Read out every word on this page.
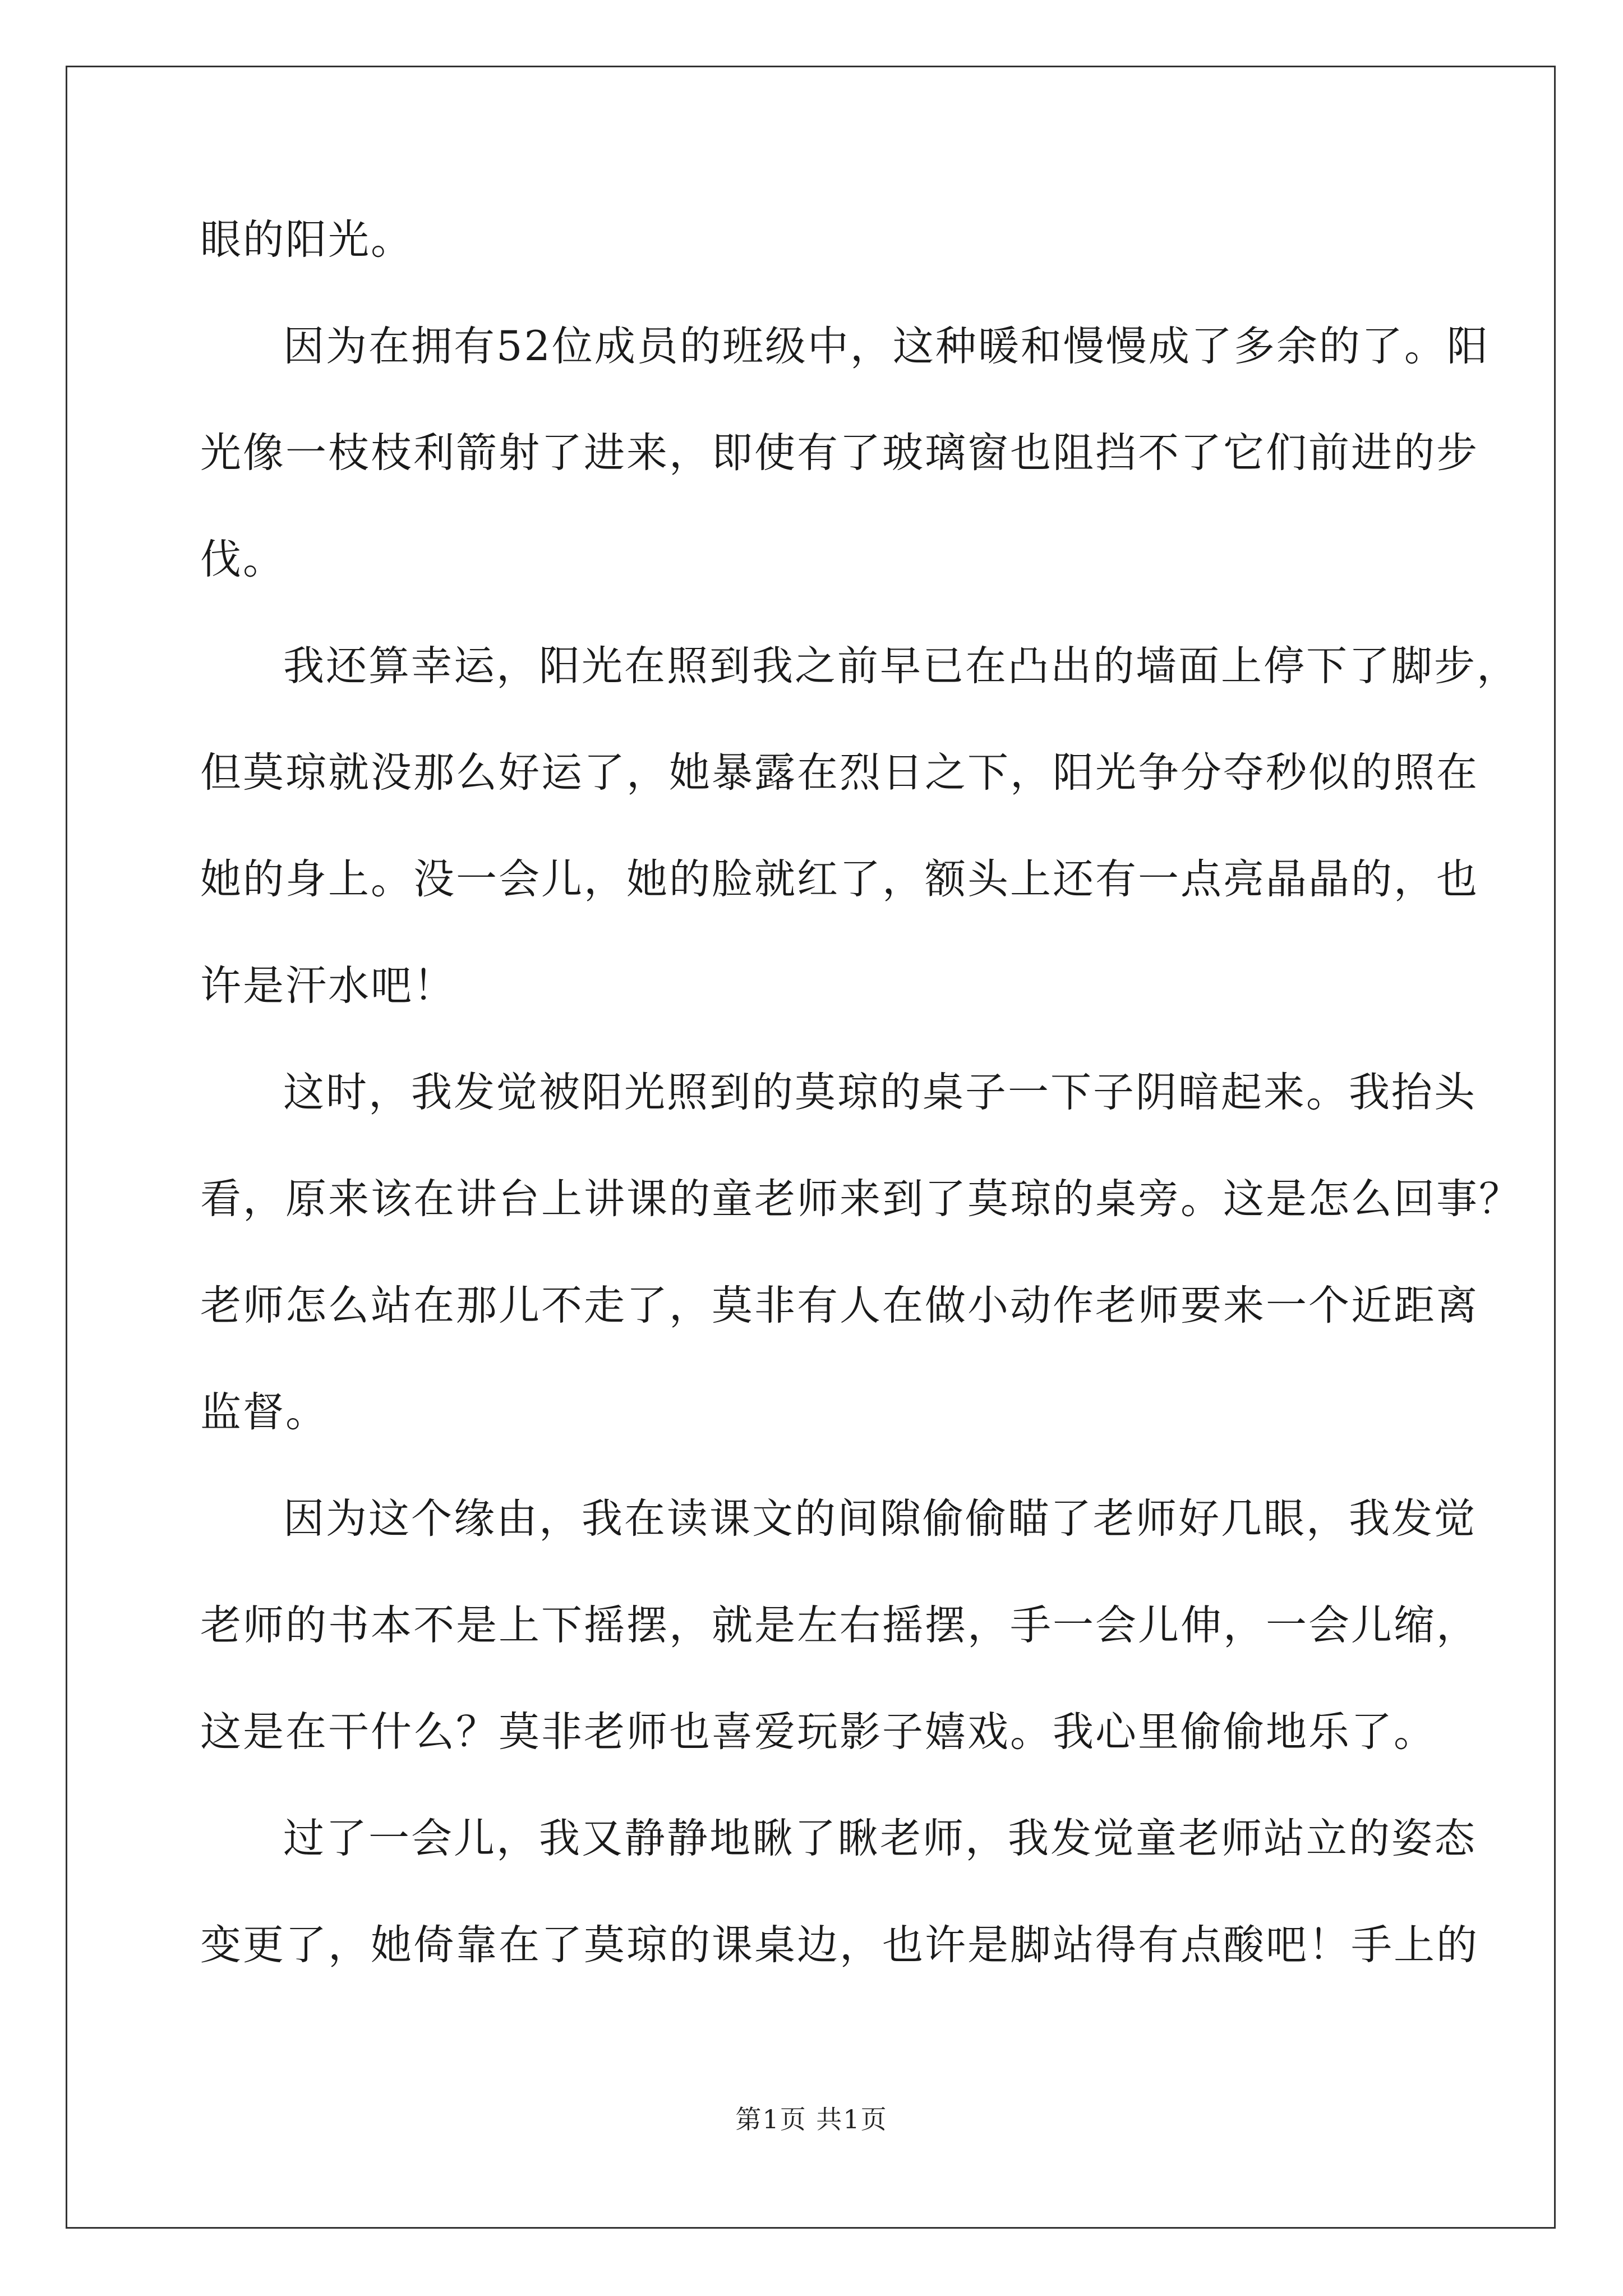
眼的阳光。
因为在拥有52位成员的班级中，这种暖和慢慢成了多余的了。阳
光像一枝枝利箭射了进来，即使有了玻璃窗也阻挡不了它们前进的步
伐。
我还算幸运，阳光在照到我之前早已在凸出的墙面上停下了脚步，
但莫琼就没那么好运了，她暴露在烈日之下，阳光争分夺秒似的照在
她的身上。没一会儿，她的脸就红了，额头上还有一点亮晶晶的，也
许是汗水吧！
这时，我发觉被阳光照到的莫琼的桌子一下子阴暗起来。我抬头
看，原来该在讲台上讲课的童老师来到了莫琼的桌旁。这是怎么回事？
老师怎么站在那儿不走了，莫非有人在做小动作老师要来一个近距离
监督。
因为这个缘由，我在读课文的间隙偷偷瞄了老师好几眼，我发觉
老师的书本不是上下摇摆，就是左右摇摆，手一会儿伸，一会儿缩，
这是在干什么？莫非老师也喜爱玩影子嬉戏。我心里偷偷地乐了。
过了一会儿，我又静静地瞅了瞅老师，我发觉童老师站立的姿态
变更了，她倚靠在了莫琼的课桌边，也许是脚站得有点酸吧！手上的
第1页 共1页
